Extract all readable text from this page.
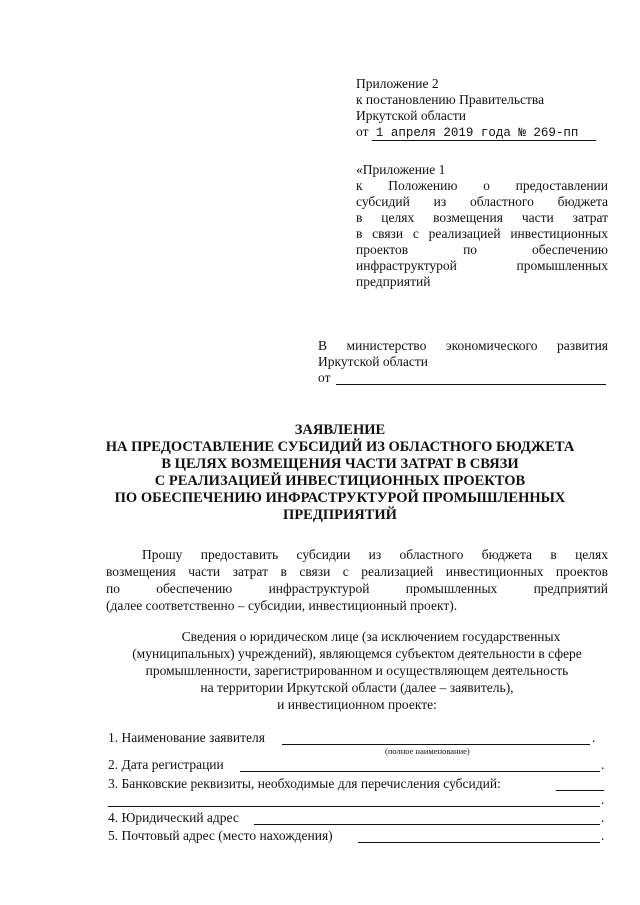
Приложение 2
к постановлению Правительства
Иркутской области
от 1 апреля 2019 года № 269-пп
«Приложение 1
к Положению о предоставлении
субсидий из областного бюджета
в целях возмещения части затрат
в связи с реализацией инвестиционных
проектов по обеспечению
инфраструктурой промышленных
предприятий
В министерство экономического развития
Иркутской области
от
ЗАЯВЛЕНИЕ
НА ПРЕДОСТАВЛЕНИЕ СУБСИДИЙ ИЗ ОБЛАСТНОГО БЮДЖЕТА
В ЦЕЛЯХ ВОЗМЕЩЕНИЯ ЧАСТИ ЗАТРАТ В СВЯЗИ
С РЕАЛИЗАЦИЕЙ ИНВЕСТИЦИОННЫХ ПРОЕКТОВ
ПО ОБЕСПЕЧЕНИЮ ИНФРАСТРУКТУРОЙ ПРОМЫШЛЕННЫХ
ПРЕДПРИЯТИЙ
Прошу предоставить субсидии из областного бюджета в целях
возмещения части затрат в связи с реализацией инвестиционных проектов
по обеспечению инфраструктурой промышленных предприятий
(далее соответственно – субсидии, инвестиционный проект).
Сведения о юридическом лице (за исключением государственных
(муниципальных) учреждений), являющемся субъектом деятельности в сфере
промышленности, зарегистрированном и осуществляющем деятельность
на территории Иркутской области (далее – заявитель),
и инвестиционном проекте:
1. Наименование заявителя	.
(полное наименование)
2. Дата регистрации	.
3. Банковские реквизиты, необходимые для перечисления субсидий:
.
4. Юридический адрес	.
5. Почтовый адрес (место нахождения)	.
